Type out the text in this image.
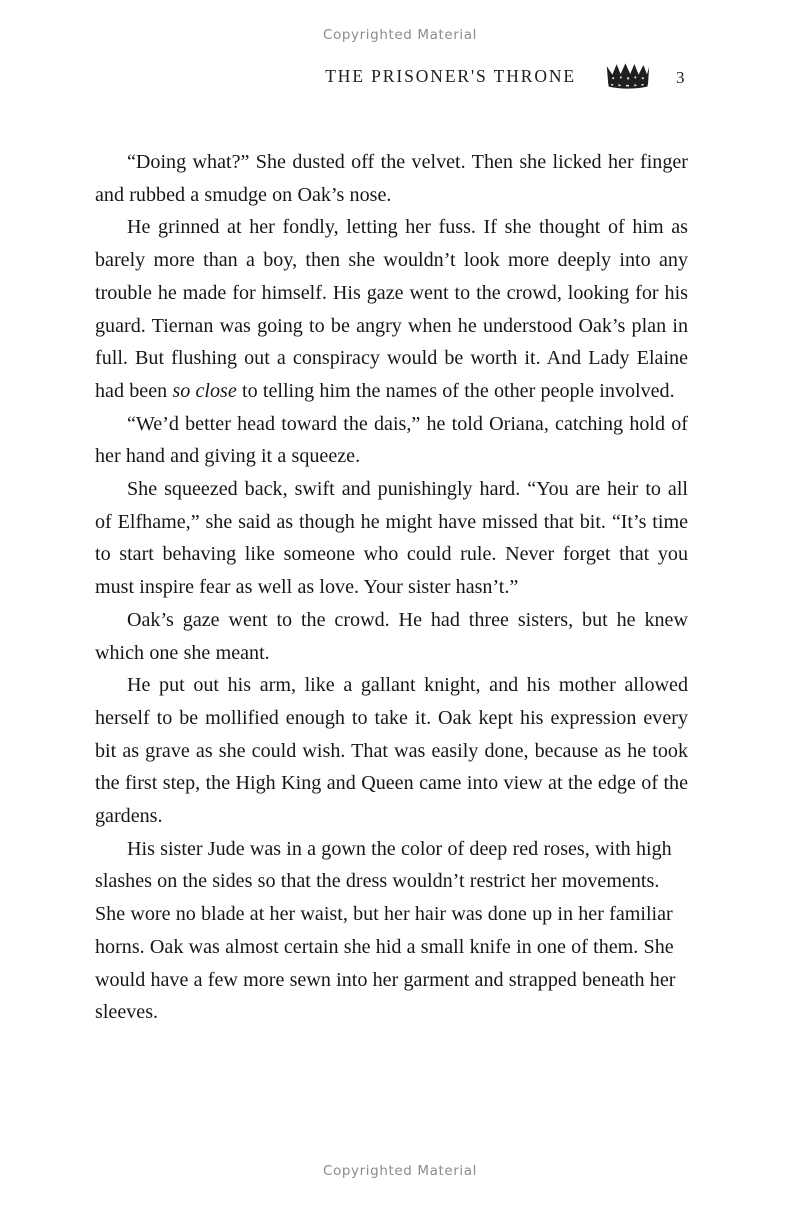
Copyrighted Material
THE PRISONER'S THRONE	3

“Doing what?” She dusted off the velvet. Then she licked her finger and rubbed a smudge on Oak’s nose.

He grinned at her fondly, letting her fuss. If she thought of him as barely more than a boy, then she wouldn’t look more deeply into any trouble he made for himself. His gaze went to the crowd, looking for his guard. Tiernan was going to be angry when he understood Oak’s plan in full. But flushing out a conspiracy would be worth it. And Lady Elaine had been so close to telling him the names of the other people involved.

“We’d better head toward the dais,” he told Oriana, catching hold of her hand and giving it a squeeze.

She squeezed back, swift and punishingly hard. “You are heir to all of Elfhame,” she said as though he might have missed that bit. “It’s time to start behaving like someone who could rule. Never forget that you must inspire fear as well as love. Your sister hasn’t.”

Oak’s gaze went to the crowd. He had three sisters, but he knew which one she meant.

He put out his arm, like a gallant knight, and his mother allowed herself to be mollified enough to take it. Oak kept his expression every bit as grave as she could wish. That was easily done, because as he took the first step, the High King and Queen came into view at the edge of the gardens.

His sister Jude was in a gown the color of deep red roses, with high slashes on the sides so that the dress wouldn’t restrict her movements. She wore no blade at her waist, but her hair was done up in her familiar horns. Oak was almost certain she hid a small knife in one of them. She would have a few more sewn into her garment and strapped beneath her sleeves.

Copyrighted Material
